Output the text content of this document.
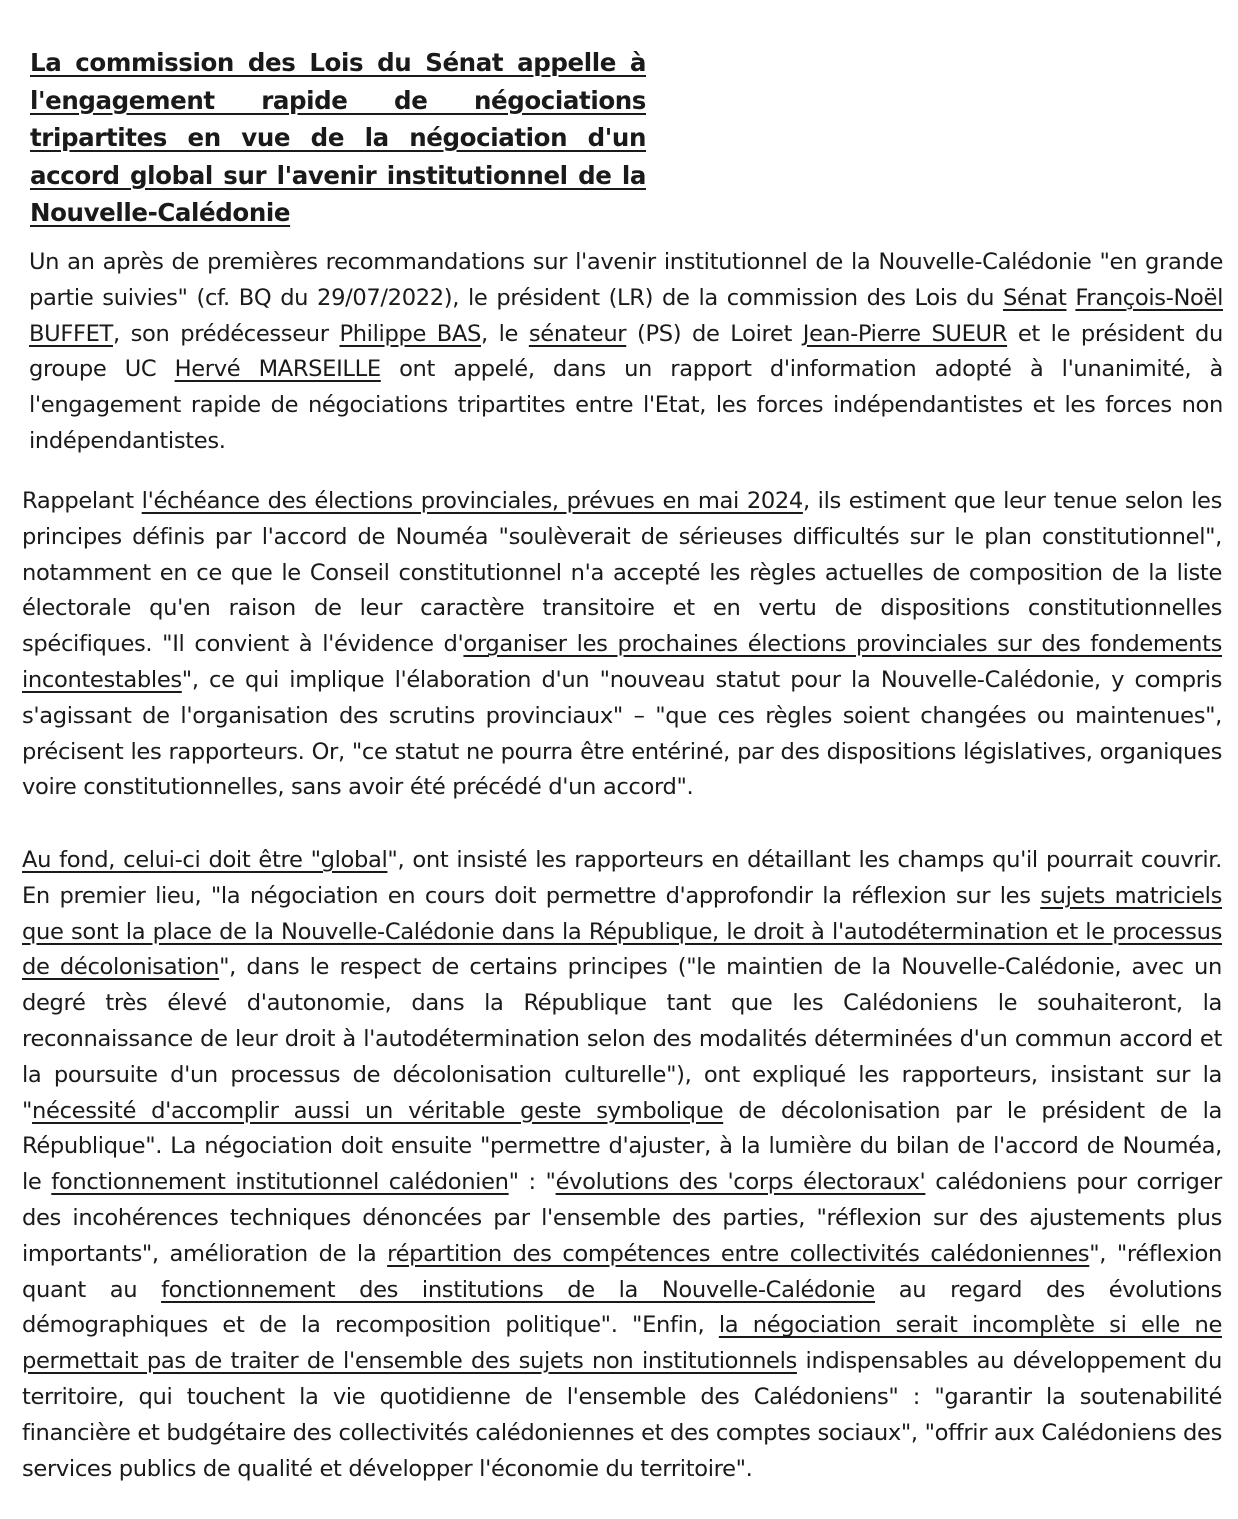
La commission des Lois du Sénat appelle à l'engagement rapide de négociations tripartites en vue de la négociation d'un accord global sur l'avenir institutionnel de la Nouvelle-Calédonie

Un an après de premières recommandations sur l'avenir institutionnel de la Nouvelle-Calédonie "en grande partie suivies" (cf. BQ du 29/07/2022), le président (LR) de la commission des Lois du Sénat François-Noël BUFFET, son prédécesseur Philippe BAS, le sénateur (PS) de Loiret Jean-Pierre SUEUR et le président du groupe UC Hervé MARSEILLE ont appelé, dans un rapport d'information adopté à l'unanimité, à l'engagement rapide de négociations tripartites entre l'Etat, les forces indépendantistes et les forces non indépendantistes.

Rappelant l'échéance des élections provinciales, prévues en mai 2024, ils estiment que leur tenue selon les principes définis par l'accord de Nouméa "soulèverait de sérieuses difficultés sur le plan constitutionnel", notamment en ce que le Conseil constitutionnel n'a accepté les règles actuelles de composition de la liste électorale qu'en raison de leur caractère transitoire et en vertu de dispositions constitutionnelles spécifiques. "Il convient à l'évidence d'organiser les prochaines élections provinciales sur des fondements incontestables", ce qui implique l'élaboration d'un "nouveau statut pour la Nouvelle-Calédonie, y compris s'agissant de l'organisation des scrutins provinciaux" – "que ces règles soient changées ou maintenues", précisent les rapporteurs. Or, "ce statut ne pourra être entériné, par des dispositions législatives, organiques voire constitutionnelles, sans avoir été précédé d'un accord".

Au fond, celui-ci doit être "global", ont insisté les rapporteurs en détaillant les champs qu'il pourrait couvrir. En premier lieu, "la négociation en cours doit permettre d'approfondir la réflexion sur les sujets matriciels que sont la place de la Nouvelle-Calédonie dans la République, le droit à l'autodétermination et le processus de décolonisation", dans le respect de certains principes ("le maintien de la Nouvelle-Calédonie, avec un degré très élevé d'autonomie, dans la République tant que les Calédoniens le souhaiteront, la reconnaissance de leur droit à l'autodétermination selon des modalités déterminées d'un commun accord et la poursuite d'un processus de décolonisation culturelle"), ont expliqué les rapporteurs, insistant sur la "nécessité d'accomplir aussi un véritable geste symbolique de décolonisation par le président de la République". La négociation doit ensuite "permettre d'ajuster, à la lumière du bilan de l'accord de Nouméa, le fonctionnement institutionnel calédonien" : "évolutions des 'corps électoraux' calédoniens pour corriger des incohérences techniques dénoncées par l'ensemble des parties, "réflexion sur des ajustements plus importants", amélioration de la répartition des compétences entre collectivités calédoniennes", "réflexion quant au fonctionnement des institutions de la Nouvelle-Calédonie au regard des évolutions démographiques et de la recomposition politique". "Enfin, la négociation serait incomplète si elle ne permettait pas de traiter de l'ensemble des sujets non institutionnels indispensables au développement du territoire, qui touchent la vie quotidienne de l'ensemble des Calédoniens" : "garantir la soutenabilité financière et budgétaire des collectivités calédoniennes et des comptes sociaux", "offrir aux Calédoniens des services publics de qualité et développer l'économie du territoire".
